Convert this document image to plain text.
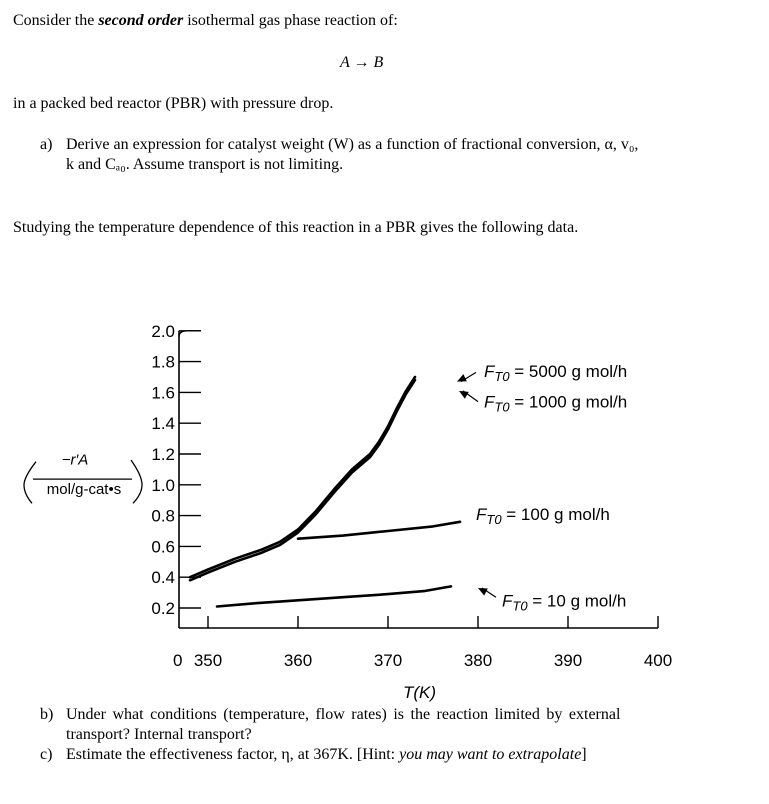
Consider the second order isothermal gas phase reaction of:
A → B
in a packed bed reactor (PBR) with pressure drop.
a) Derive an expression for catalyst weight (W) as a function of fractional conversion, α, v₀,
k and Cₐ₀. Assume transport is not limiting.
Studying the temperature dependence of this reaction in a PBR gives the following data.
0.2
0.4
0.6
0.8
1.0
1.2
1.4
1.6
1.8
2.0
350	360	370	380	390	400
0
T(K)
−r′A
mol/g-cat•s
$F_{T0} = 5000$ g mol/h
$F_{T0} = 1000$ g mol/h
$F_{T0} = 100$ g mol/h
$F_{T0} = 10$ g mol/h
b) Under what conditions (temperature, flow rates) is the reaction limited by external
transport? Internal transport?
c) Estimate the effectiveness factor, η, at 367K. [Hint: you may want to extrapolate]
